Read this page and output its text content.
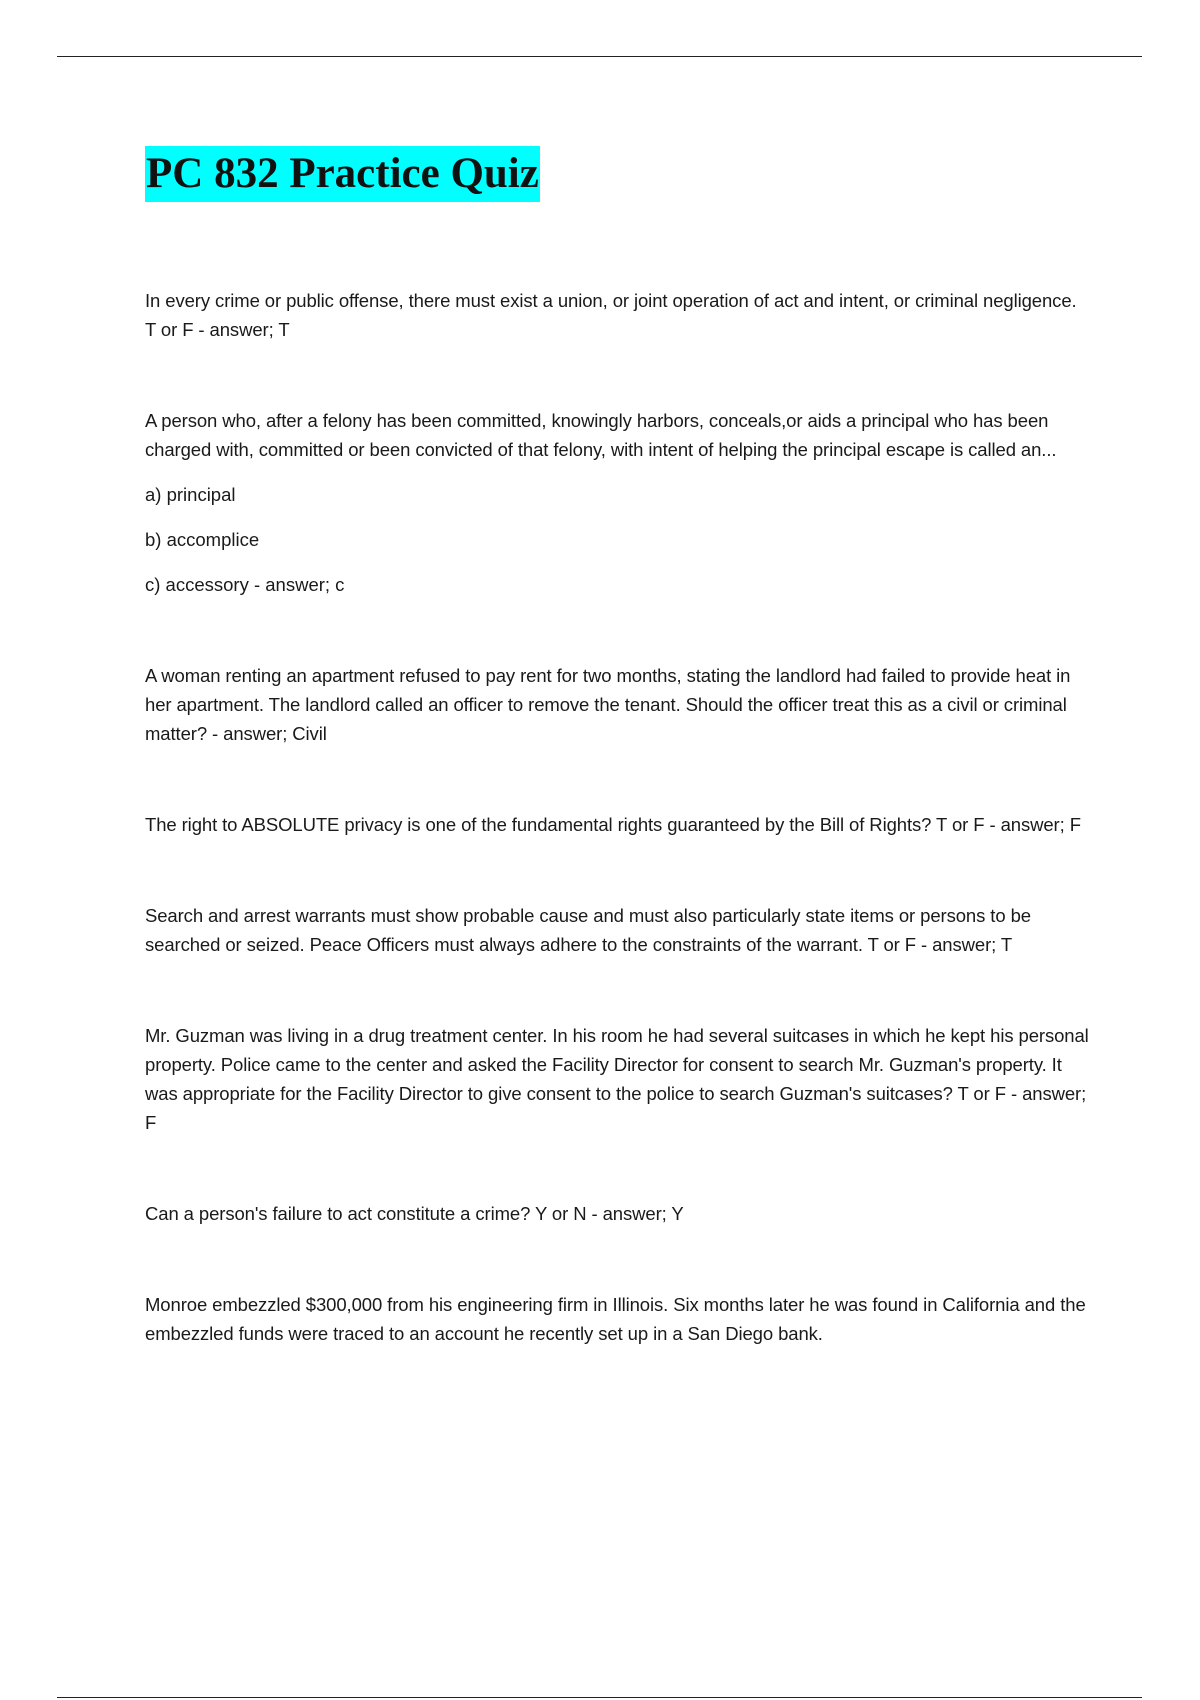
PC 832 Practice Quiz

In every crime or public offense, there must exist a union, or joint operation of act and intent, or criminal negligence. T or F - answer; T

A person who, after a felony has been committed, knowingly harbors, conceals,or aids a principal who has been charged with, committed or been convicted of that felony, with intent of helping the principal escape is called an...

a) principal

b) accomplice

c) accessory - answer; c

A woman renting an apartment refused to pay rent for two months, stating the landlord had failed to provide heat in her apartment. The landlord called an officer to remove the tenant. Should the officer treat this as a civil or criminal matter? - answer; Civil

The right to ABSOLUTE privacy is one of the fundamental rights guaranteed by the Bill of Rights? T or F - answer; F

Search and arrest warrants must show probable cause and must also particularly state items or persons to be searched or seized. Peace Officers must always adhere to the constraints of the warrant. T or F - answer; T

Mr. Guzman was living in a drug treatment center. In his room he had several suitcases in which he kept his personal property. Police came to the center and asked the Facility Director for consent to search Mr. Guzman's property. It was appropriate for the Facility Director to give consent to the police to search Guzman's suitcases? T or F - answer; F

Can a person's failure to act constitute a crime? Y or N - answer; Y

Monroe embezzled $300,000 from his engineering firm in Illinois. Six months later he was found in California and the embezzled funds were traced to an account he recently set up in a San Diego bank.
